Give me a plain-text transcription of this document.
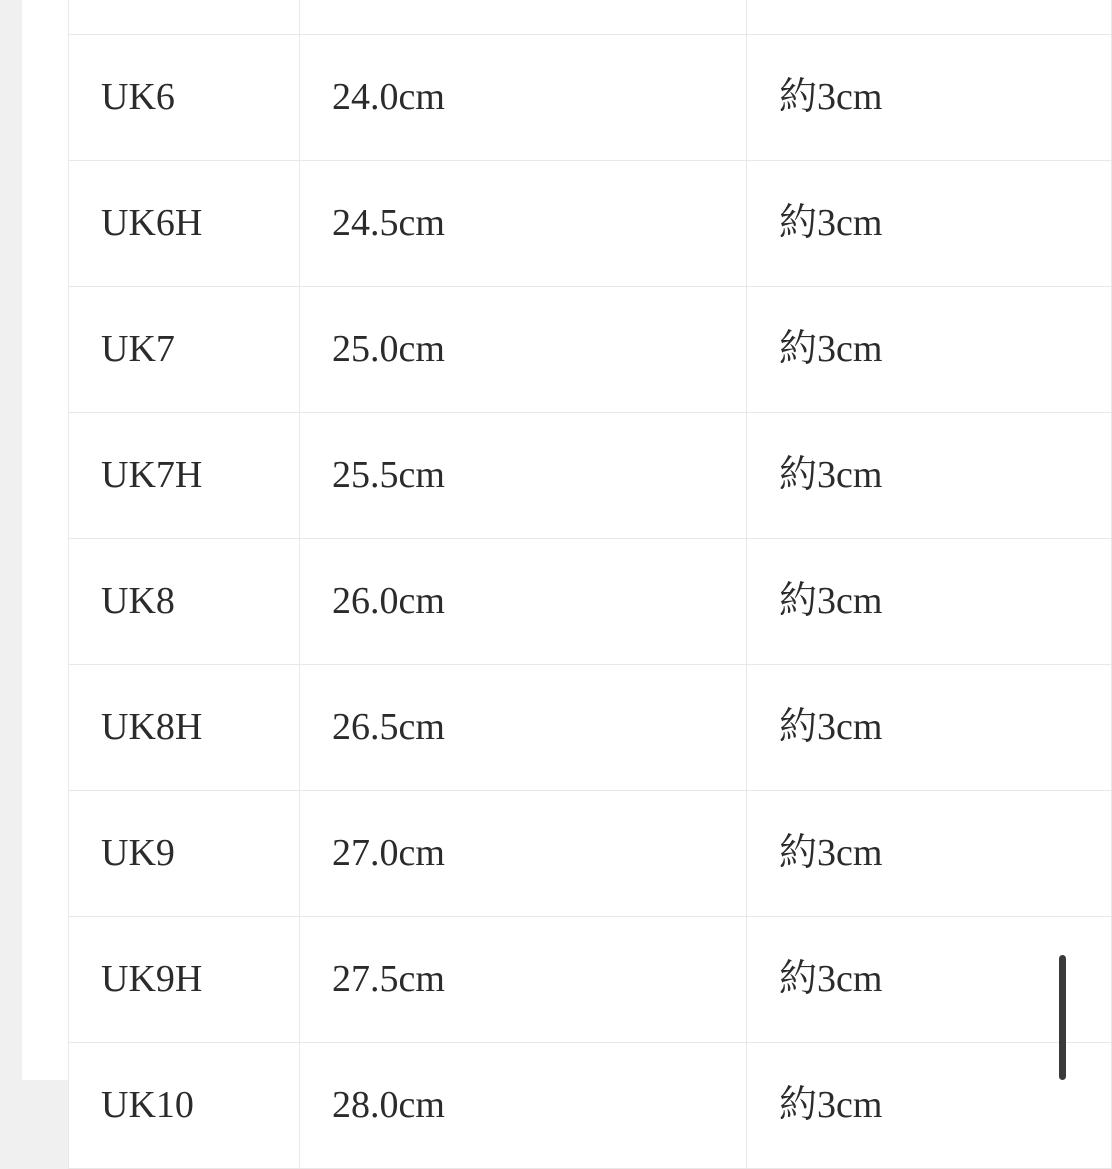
UK6	24.0cm	約3cm
UK6H	24.5cm	約3cm
UK7	25.0cm	約3cm
UK7H	25.5cm	約3cm
UK8	26.0cm	約3cm
UK8H	26.5cm	約3cm
UK9	27.0cm	約3cm
UK9H	27.5cm	約3cm
UK10	28.0cm	約3cm
